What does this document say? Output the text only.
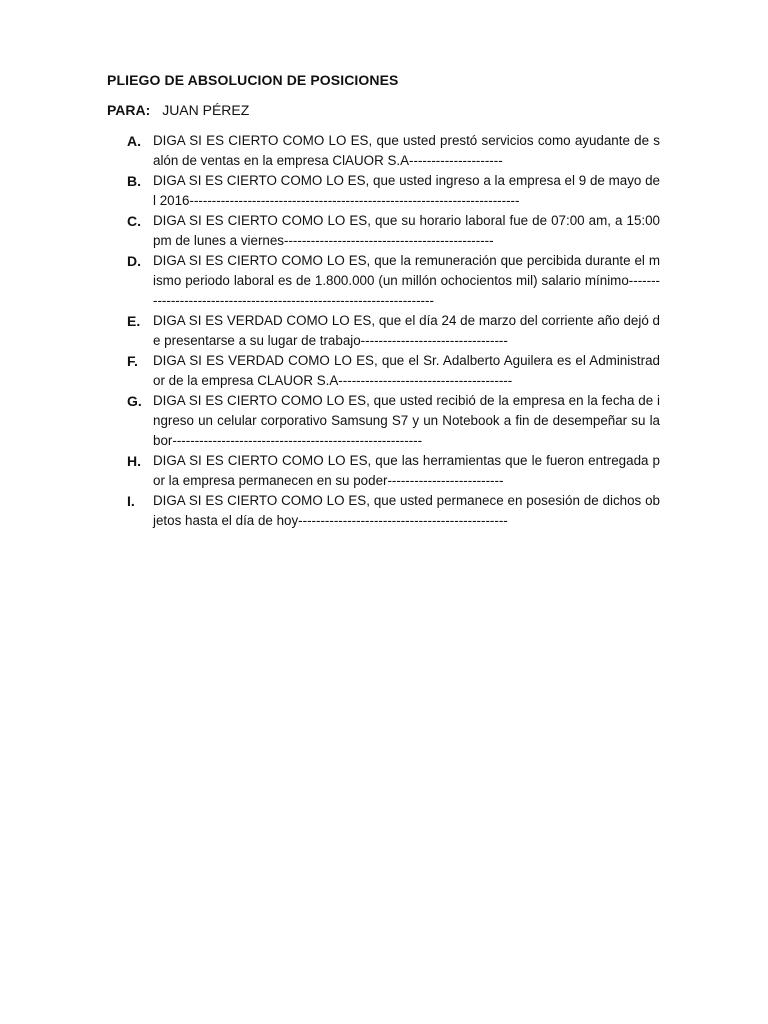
PLIEGO DE ABSOLUCION DE POSICIONES
PARA: JUAN PÉREZ
A. DIGA SI ES CIERTO COMO LO ES, que usted prestó servicios como ayudante de salón de ventas en la empresa ClAUOR S.A---------------------
B. DIGA SI ES CIERTO COMO LO ES, que usted ingreso a la empresa el 9 de mayo del 2016--------------------------------------------------------------------------
C. DIGA SI ES CIERTO COMO LO ES, que su horario laboral fue de 07:00 am, a 15:00 pm de lunes a viernes-----------------------------------------------
D. DIGA SI ES CIERTO COMO LO ES, que la remuneración que percibida durante el mismo periodo laboral es de 1.800.000 (un millón ochocientos mil) salario mínimo----------------------------------------------------------------------
E. DIGA SI ES VERDAD COMO LO ES, que el día 24 de marzo del corriente año dejó de presentarse a su lugar de trabajo---------------------------------
F.	DIGA SI ES VERDAD COMO LO ES, que el Sr. Adalberto Aguilera es el Administrador de la empresa CLAUOR S.A---------------------------------------
G. DIGA SI ES CIERTO COMO LO ES, que usted recibió de la empresa en la fecha de ingreso un celular corporativo Samsung S7 y un Notebook a fin de desempeñar su labor--------------------------------------------------------
H. DIGA SI ES CIERTO COMO LO ES, que las herramientas que le fueron entregada por la empresa permanecen en su poder--------------------------
I.	DIGA SI ES CIERTO COMO LO ES, que usted permanece en posesión de dichos objetos hasta el día de hoy-----------------------------------------------
